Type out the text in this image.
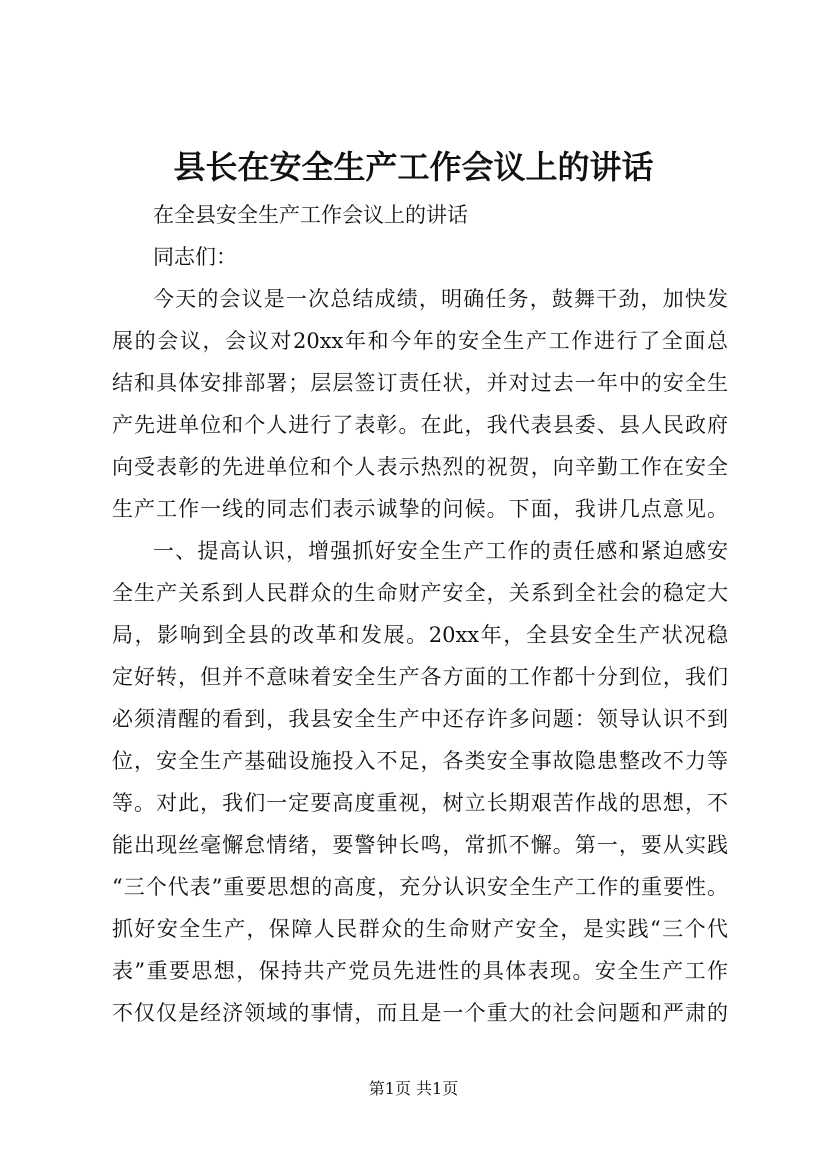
县长在安全生产工作会议上的讲话
在全县安全生产工作会议上的讲话
同志们：
今天的会议是一次总结成绩，明确任务，鼓舞干劲，加快发
展的会议，会议对20xx年和今年的安全生产工作进行了全面总
结和具体安排部署；层层签订责任状，并对过去一年中的安全生
产先进单位和个人进行了表彰。在此，我代表县委、县人民政府
向受表彰的先进单位和个人表示热烈的祝贺，向辛勤工作在安全
生产工作一线的同志们表示诚挚的问候。下面，我讲几点意见。
一、提高认识，增强抓好安全生产工作的责任感和紧迫感安
全生产关系到人民群众的生命财产安全，关系到全社会的稳定大
局，影响到全县的改革和发展。20xx年，全县安全生产状况稳
定好转，但并不意味着安全生产各方面的工作都十分到位，我们
必须清醒的看到，我县安全生产中还存许多问题：领导认识不到
位，安全生产基础设施投入不足，各类安全事故隐患整改不力等
等。对此，我们一定要高度重视，树立长期艰苦作战的思想，不
能出现丝毫懈怠情绪，要警钟长鸣，常抓不懈。第一，要从实践
“三个代表”重要思想的高度，充分认识安全生产工作的重要性。
抓好安全生产，保障人民群众的生命财产安全，是实践“三个代
表”重要思想，保持共产党员先进性的具体表现。安全生产工作
不仅仅是经济领域的事情，而且是一个重大的社会问题和严肃的
第1页 共1页
